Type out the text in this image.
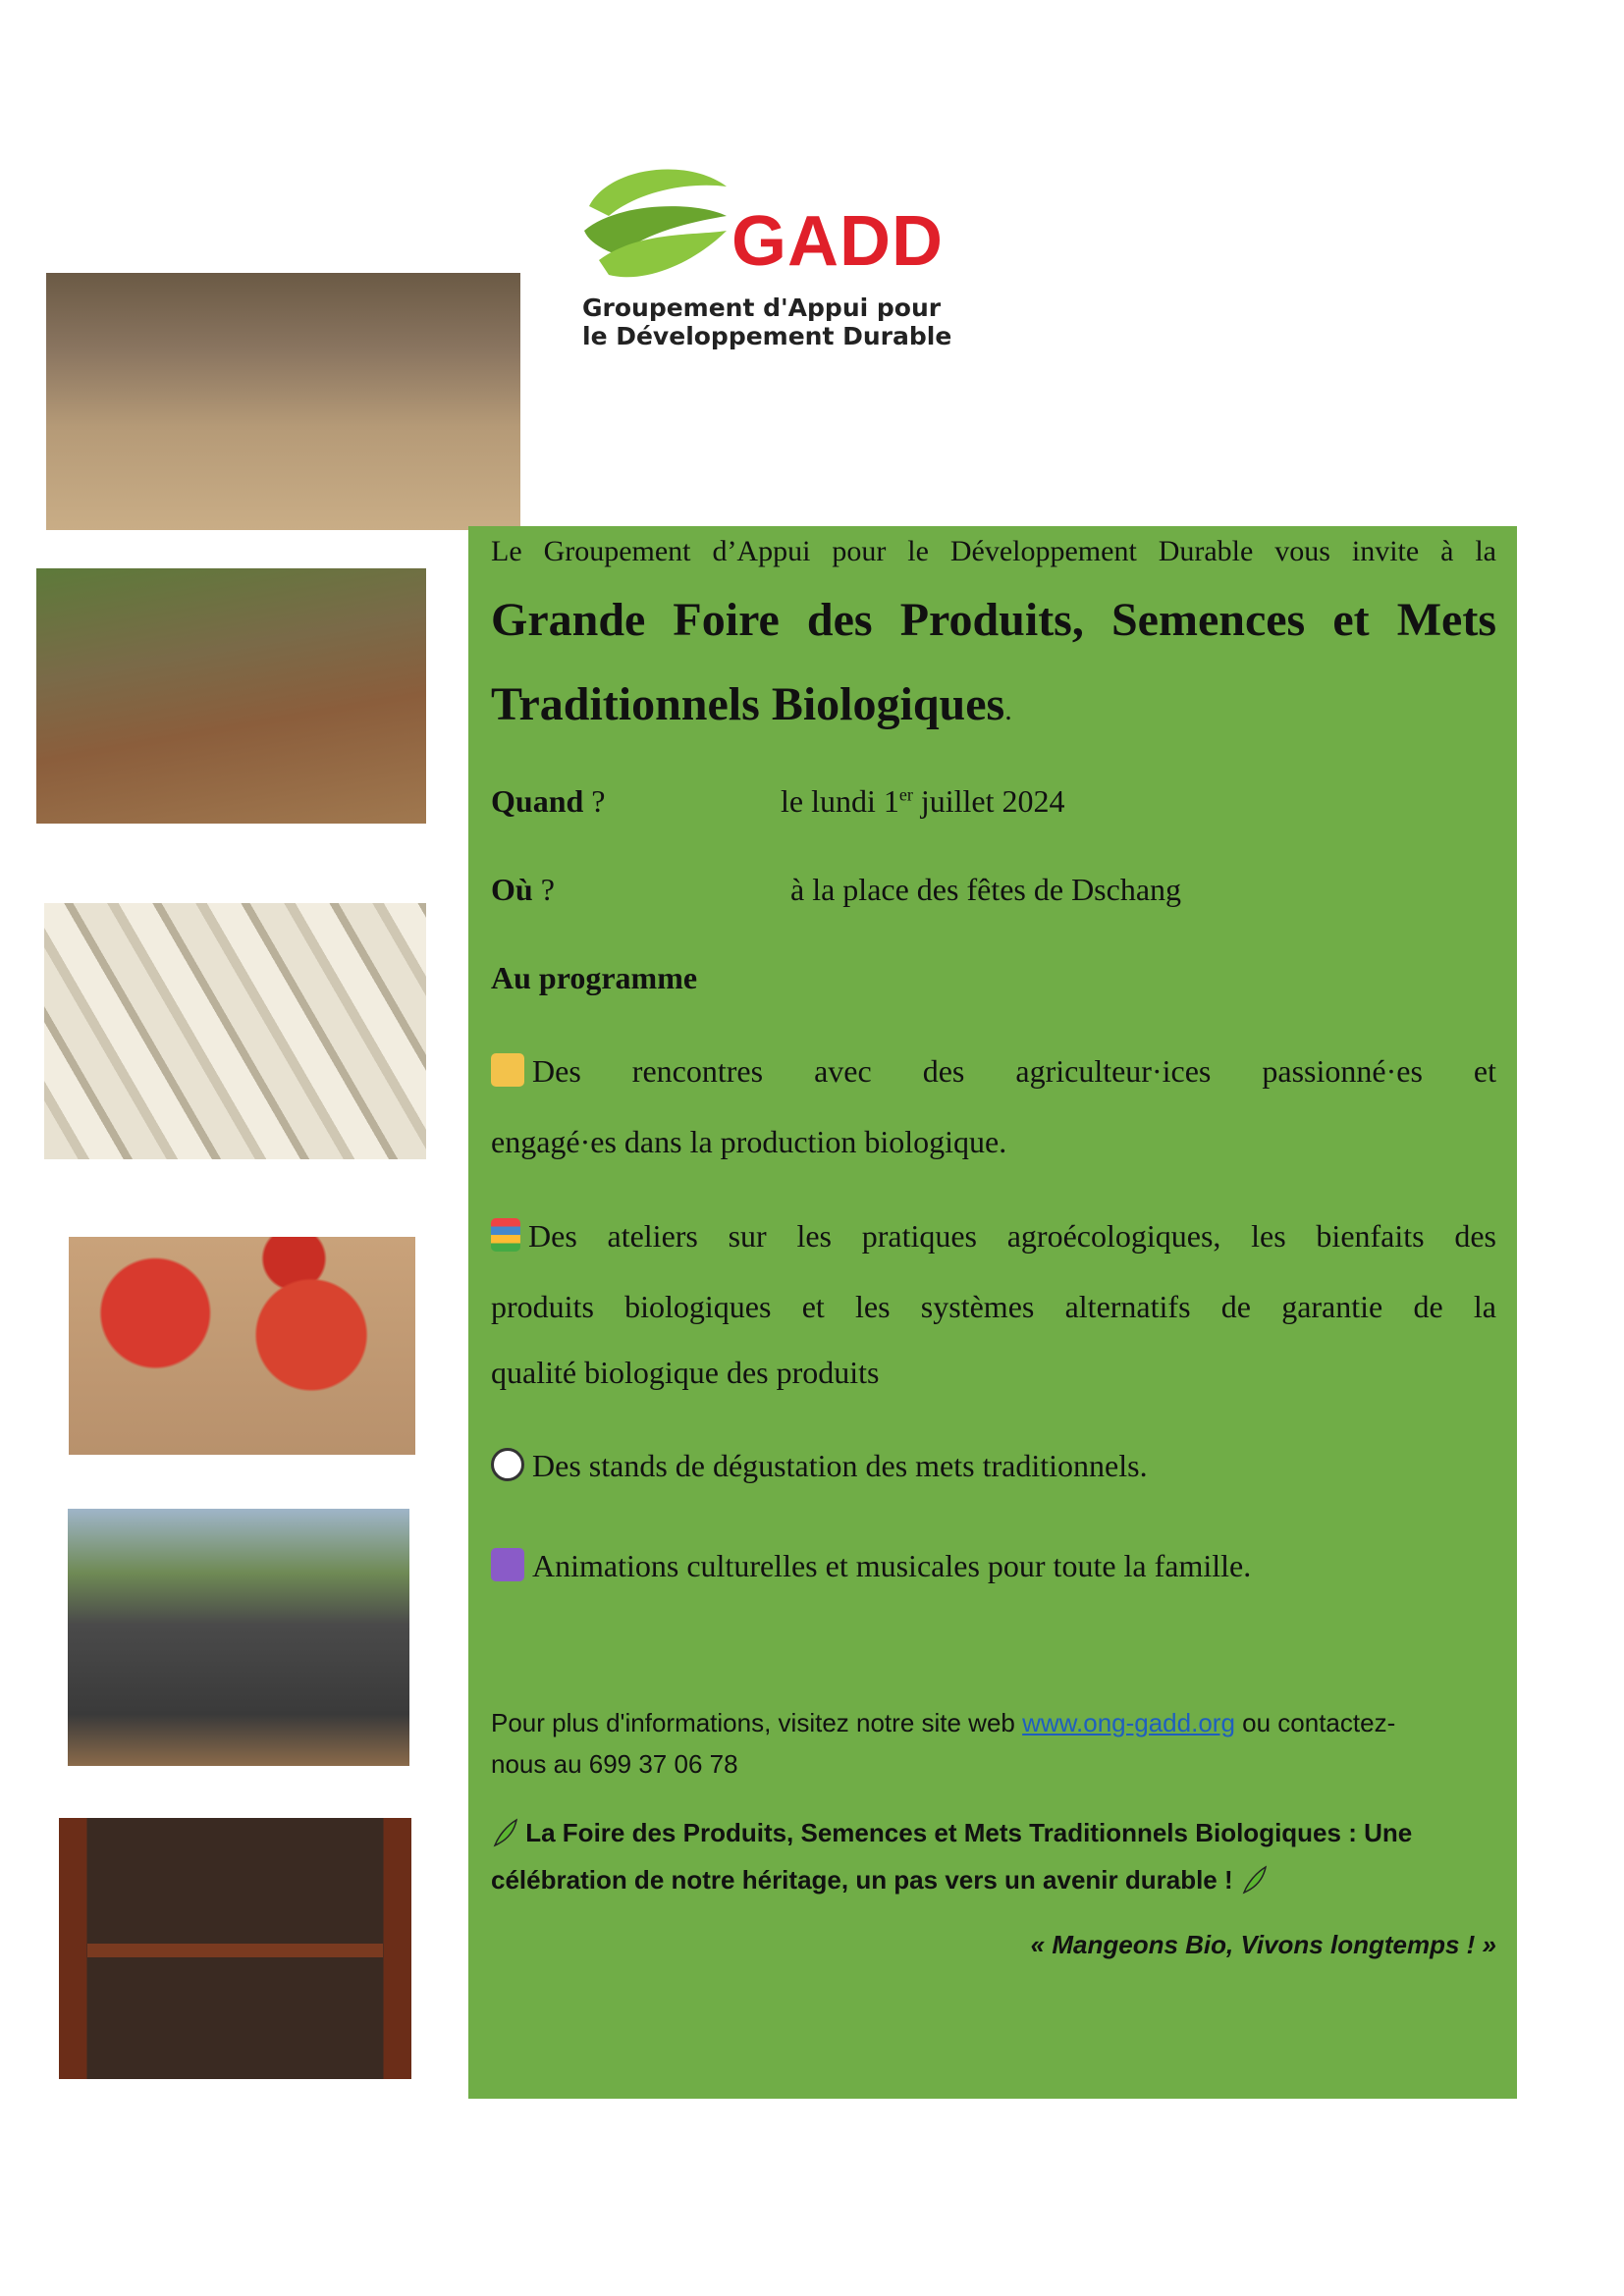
GADD
Groupement d'Appui pour
le Développement Durable
Le Groupement d’Appui pour le Développement Durable vous invite à la
Grande Foire des Produits, Semences et Mets
Traditionnels Biologiques.
Quand ?	le lundi 1er juillet 2024
Où ?	à la place des fêtes de Dschang
Au programme
Des rencontres avec des agriculteur·ices passionné·es et
engagé·es dans la production biologique.
Des ateliers sur les pratiques agroécologiques, les bienfaits des
produits biologiques et les systèmes alternatifs de garantie de la
qualité biologique des produits
Des stands de dégustation des mets traditionnels.
Animations culturelles et musicales pour toute la famille.
Pour plus d'informations, visitez notre site web www.ong-gadd.org ou contactez-
nous au 699 37 06 78
La Foire des Produits, Semences et Mets Traditionnels Biologiques : Une
célébration de notre héritage, un pas vers un avenir durable !
« Mangeons Bio, Vivons longtemps ! »
